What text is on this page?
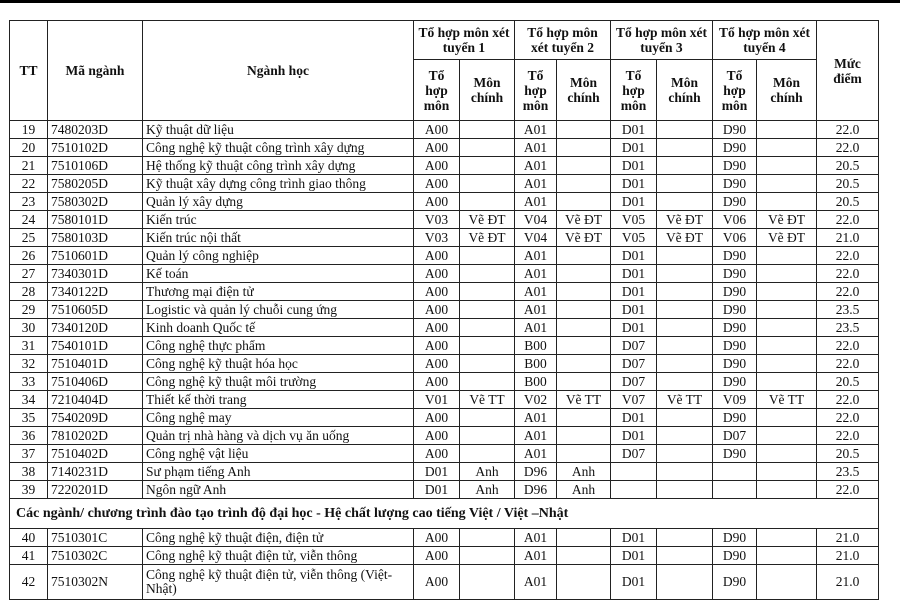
TT	Mã ngành	Ngành học	Tổ hợp môn xét tuyển 1		Tổ hợp môn xét tuyển 2		Tổ hợp môn xét tuyển 3		Tổ hợp môn xét tuyển 4		Mức điểm
			Tổ hợp môn	Môn chính	Tổ hợp môn	Môn chính	Tổ hợp môn	Môn chính	Tổ hợp môn	Môn chính	
19	7480203D	Kỹ thuật dữ liệu	A00		A01		D01		D90		22.0
20	7510102D	Công nghệ kỹ thuật công trình xây dựng	A00		A01		D01		D90		22.0
21	7510106D	Hệ thống kỹ thuật công trình xây dựng	A00		A01		D01		D90		20.5
22	7580205D	Kỹ thuật xây dựng công trình giao thông	A00		A01		D01		D90		20.5
23	7580302D	Quản lý xây dựng	A00		A01		D01		D90		20.5
24	7580101D	Kiến trúc	V03	Vẽ ĐT	V04	Vẽ ĐT	V05	Vẽ ĐT	V06	Vẽ ĐT	22.0
25	7580103D	Kiến trúc nội thất	V03	Vẽ ĐT	V04	Vẽ ĐT	V05	Vẽ ĐT	V06	Vẽ ĐT	21.0
26	7510601D	Quản lý công nghiệp	A00		A01		D01		D90		22.0
27	7340301D	Kế toán	A00		A01		D01		D90		22.0
28	7340122D	Thương mại điện tử	A00		A01		D01		D90		22.0
29	7510605D	Logistic và quản lý chuỗi cung ứng	A00		A01		D01		D90		23.5
30	7340120D	Kinh doanh Quốc tế	A00		A01		D01		D90		23.5
31	7540101D	Công nghệ thực phẩm	A00		B00		D07		D90		22.0
32	7510401D	Công nghệ kỹ thuật hóa học	A00		B00		D07		D90		22.0
33	7510406D	Công nghệ kỹ thuật môi trường	A00		B00		D07		D90		20.5
34	7210404D	Thiết kế thời trang	V01	Vẽ TT	V02	Vẽ TT	V07	Vẽ TT	V09	Vẽ TT	22.0
35	7540209D	Công nghệ may	A00		A01		D01		D90		22.0
36	7810202D	Quản trị nhà hàng và dịch vụ ăn uống	A00		A01		D01		D07		22.0
37	7510402D	Công nghệ vật liệu	A00		A01		D07		D90		20.5
38	7140231D	Sư phạm tiếng Anh	D01	Anh	D96	Anh					23.5
39	7220201D	Ngôn ngữ Anh	D01	Anh	D96	Anh					22.0
Các ngành/ chương trình đào tạo trình độ đại học - Hệ chất lượng cao tiếng Việt / Việt –Nhật											
40	7510301C	Công nghệ kỹ thuật điện, điện tử	A00		A01		D01		D90		21.0
41	7510302C	Công nghệ kỹ thuật điện tử, viễn thông	A00		A01		D01		D90		21.0
42	7510302N	Công nghệ kỹ thuật điện tử, viễn thông (Việt-Nhật)	A00		A01		D01		D90		21.0
